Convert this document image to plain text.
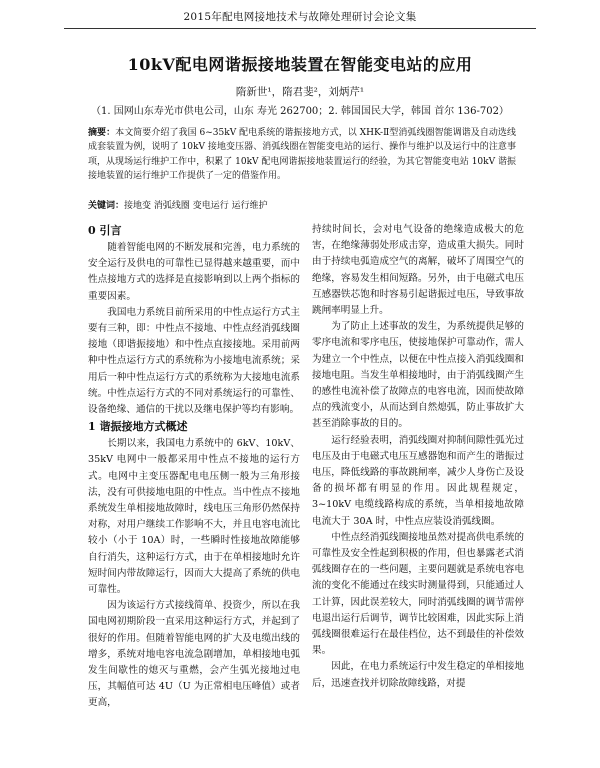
2015年配电网接地技术与故障处理研讨会论文集
10kV配电网谐振接地装置在智能变电站的应用
隋新世¹，隋君斐²，刘炳芹¹
（1. 国网山东寿光市供电公司，山东 寿光 262700；2. 韩国国民大学，韩国 首尔 136-702）

摘要：本文简要介绍了我国 6~35kV 配电系统的谐振接地方式，以 XHK-Ⅱ型消弧线圈智能调谐及自动选线成套装置为例，说明了 10kV 接地变压器、消弧线圈在智能变电站的运行、操作与维护以及运行中的注意事项，从现场运行维护工作中，积累了 10kV 配电网谐振接地装置运行的经验，为其它智能变电站 10kV 谐振接地装置的运行维护工作提供了一定的借鉴作用。

关键词：接地变 消弧线圈 变电运行 运行维护

0 引言

随着智能电网的不断发展和完善，电力系统的安全运行及供电的可靠性已显得越来越重要，而中性点接地方式的选择是直接影响到以上两个指标的重要因素。

我国电力系统目前所采用的中性点运行方式主要有三种，即：中性点不接地、中性点经消弧线圈接地（即谐振接地）和中性点直接接地。采用前两种中性点运行方式的系统称为小接地电流系统；采用后一种中性点运行方式的系统称为大接地电流系统。中性点运行方式的不同对系统运行的可靠性、设备绝缘、通信的干扰以及继电保护等均有影响。

1 谐振接地方式概述

长期以来，我国电力系统中的 6kV、10kV、35kV 电网中一般都采用中性点不接地的运行方式。电网中主变压器配电电压侧一般为三角形接法，没有可供接地电阻的中性点。当中性点不接地系统发生单相接地故障时，线电压三角形仍然保持对称，对用户继续工作影响不大，并且电容电流比较小（小于 10A）时，一些瞬时性接地故障能够自行消失，这种运行方式，由于在单相接地时允许短时间内带故障运行，因而大大提高了系统的供电可靠性。

因为该运行方式接线简单、投资少，所以在我国电网初期阶段一直采用这种运行方式，并起到了很好的作用。但随着智能电网的扩大及电缆出线的增多，系统对地电容电流急剧增加，单相接地电弧发生间歇性的熄灭与重燃，会产生弧光接地过电压，其幅值可达 4U（U 为正常相电压峰值）或者更高，

持续时间长，会对电气设备的绝缘造成极大的危害，在绝缘薄弱处形成击穿，造成重大损失。同时由于持续电弧造成空气的离解，破坏了周围空气的绝缘，容易发生相间短路。另外，由于电磁式电压互感器铁芯饱和时容易引起谐振过电压，导致事故跳闸率明显上升。

为了防止上述事故的发生，为系统提供足够的零序电流和零序电压，使接地保护可靠动作，需人为建立一个中性点，以便在中性点接入消弧线圈和接地电阻。当发生单相接地时，由于消弧线圈产生的感性电流补偿了故障点的电容电流，因而使故障点的残流变小，从而达到自然熄弧，防止事故扩大甚至消除事故的目的。

运行经验表明，消弧线圈对抑制间隙性弧光过电压及由于电磁式电压互感器饱和而产生的谐振过电压，降低线路的事故跳闸率，减少人身伤亡及设备的损坏都有明显的作用。因此规程规定，3~10kV 电缆线路构成的系统，当单相接地故障电流大于 30A 时，中性点应装设消弧线圈。

中性点经消弧线圈接地虽然对提高供电系统的可靠性及安全性起到积极的作用，但也暴露老式消弧线圈存在的一些问题，主要问题就是系统电容电流的变化不能通过在线实时测量得到，只能通过人工计算，因此误差较大，同时消弧线圈的调节需停电退出运行后调节，调节比较困难，因此实际上消弧线圈很难运行在最佳档位，达不到最佳的补偿效果。

因此，在电力系统运行中发生稳定的单相接地后，迅速查找并切除故障线路，对提
